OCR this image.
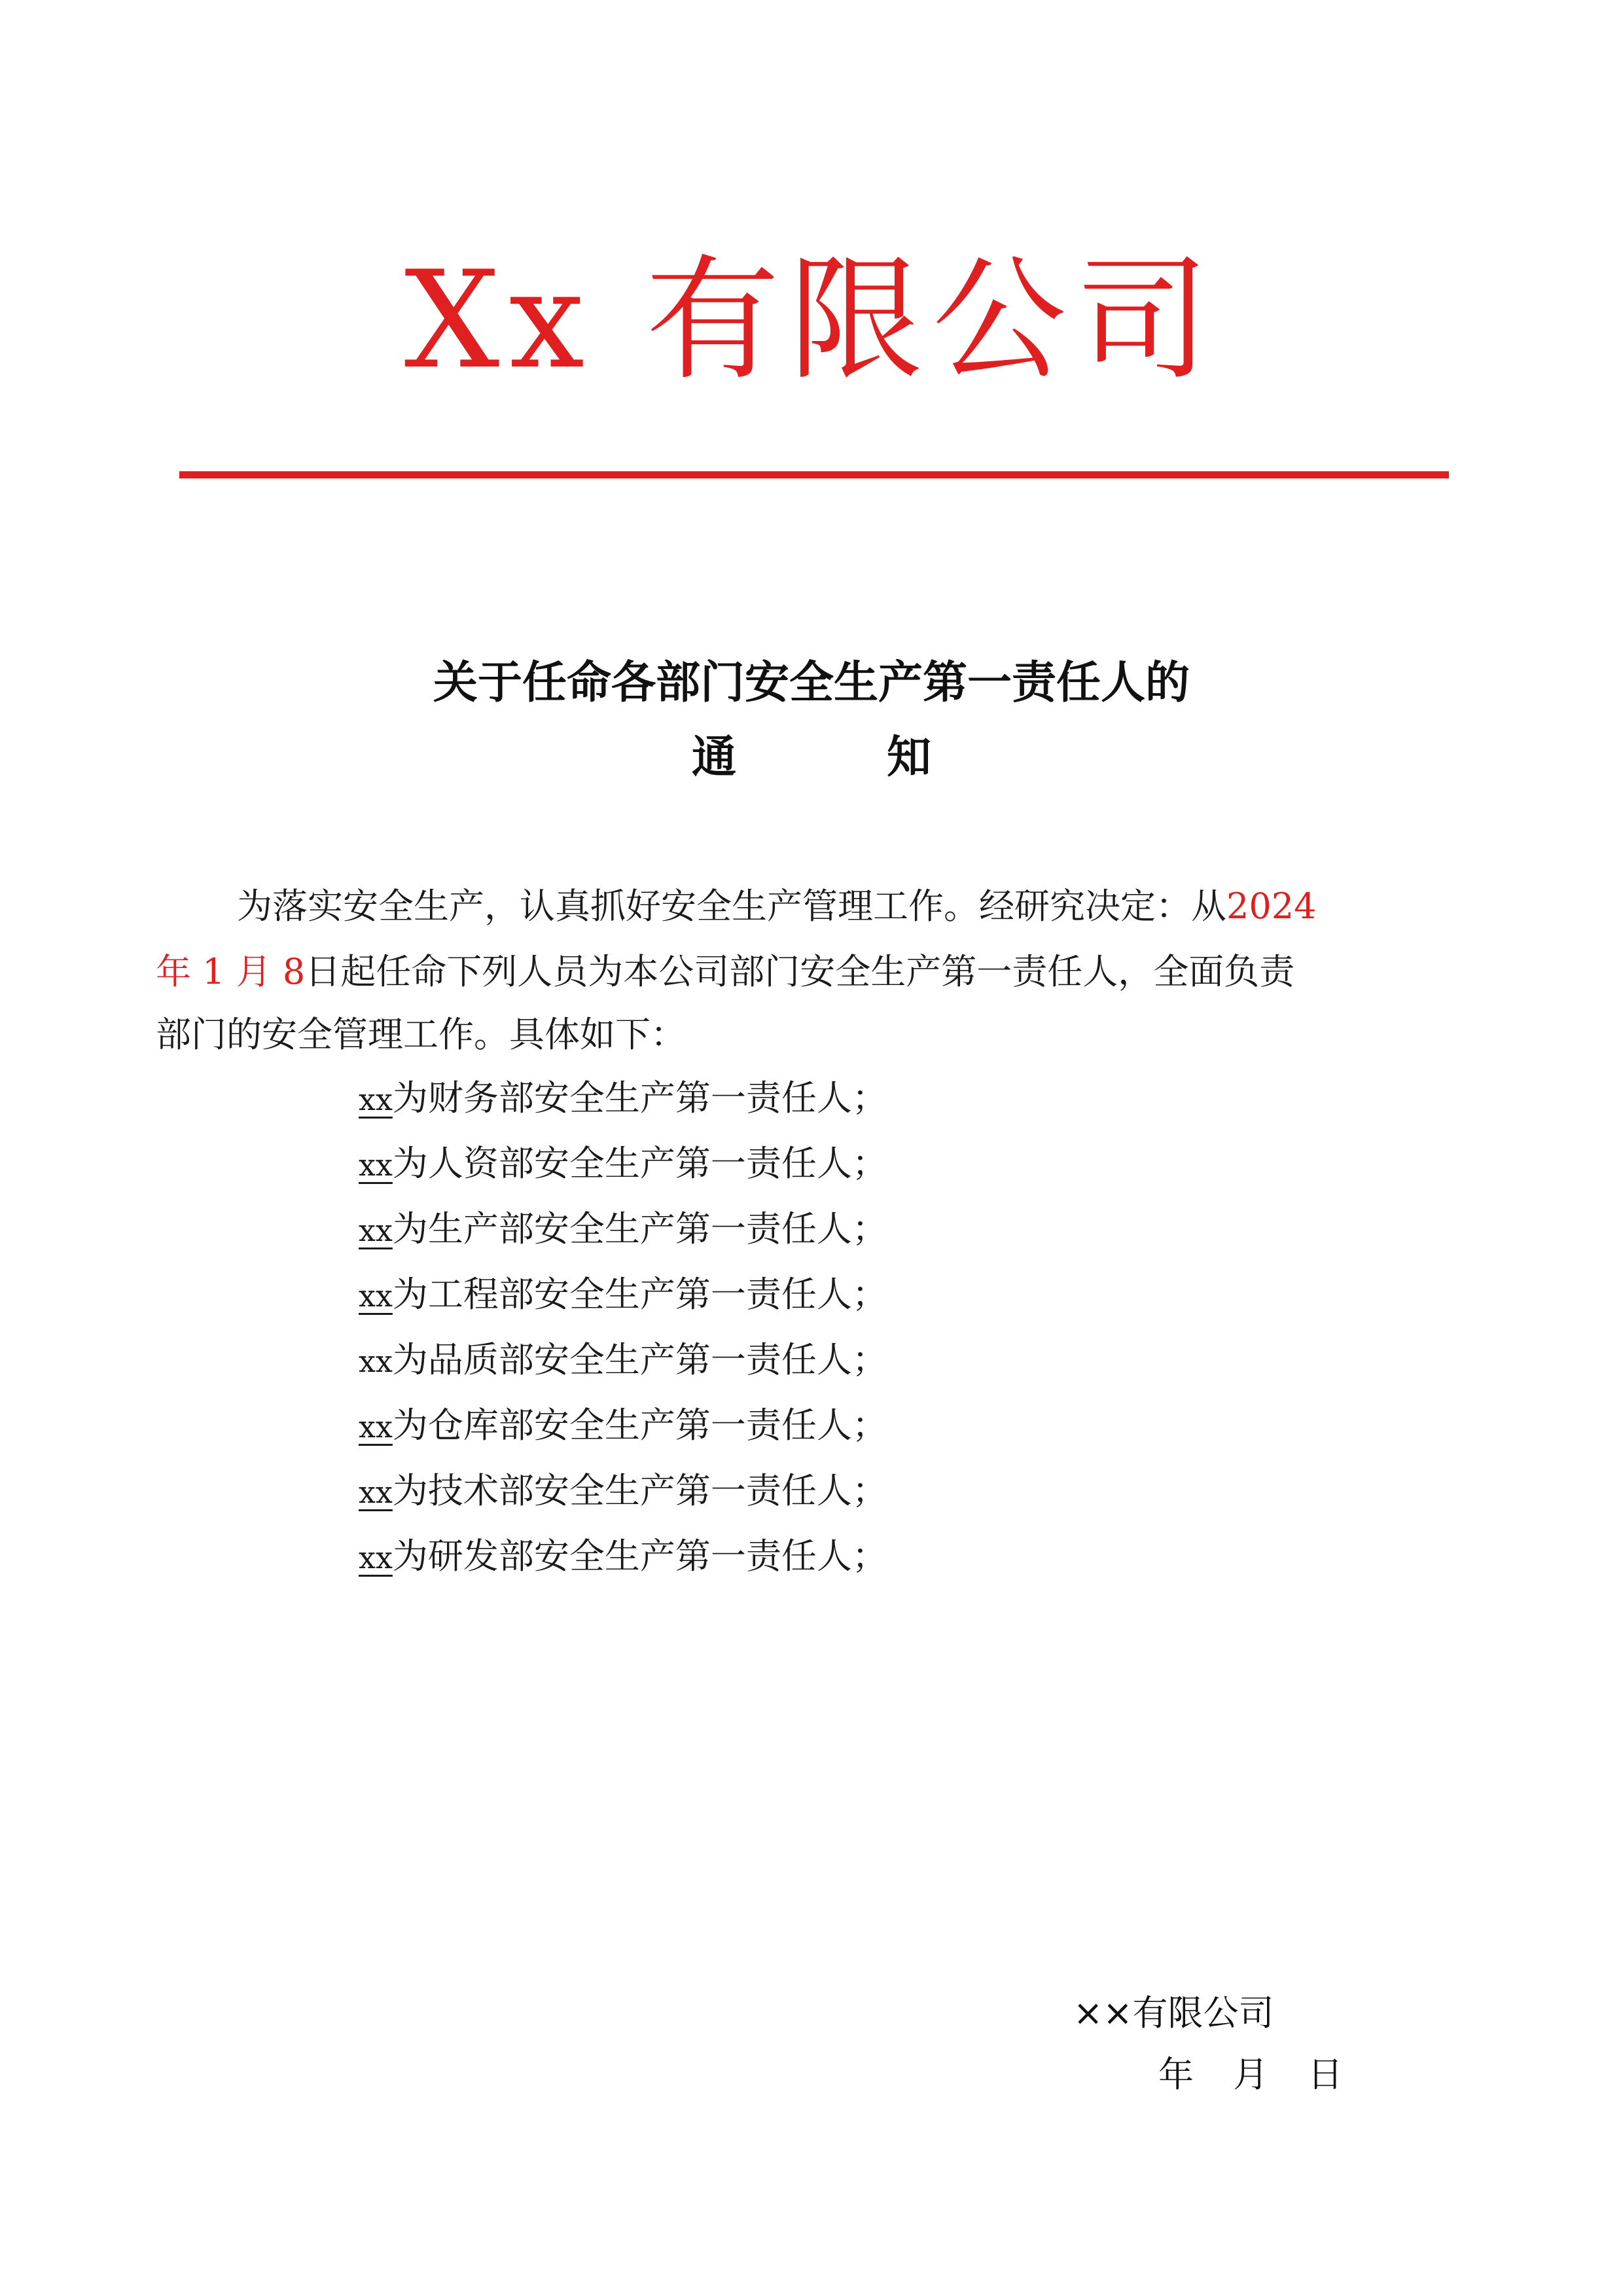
Xx 有限公司
关于任命各部门安全生产第一责任人的
通	知
为落实安全生产，认真抓好安全生产管理工作。经研究决定：从2024
年 1 月 8日起任命下列人员为本公司部门安全生产第一责任人，全面负责
部门的安全管理工作。具体如下：
xx为财务部安全生产第一责任人；
xx为人资部安全生产第一责任人；
xx为生产部安全生产第一责任人；
xx为工程部安全生产第一责任人；
xx为品质部安全生产第一责任人；
xx为仓库部安全生产第一责任人；
xx为技术部安全生产第一责任人；
xx为研发部安全生产第一责任人；
××有限公司
年 月 日
